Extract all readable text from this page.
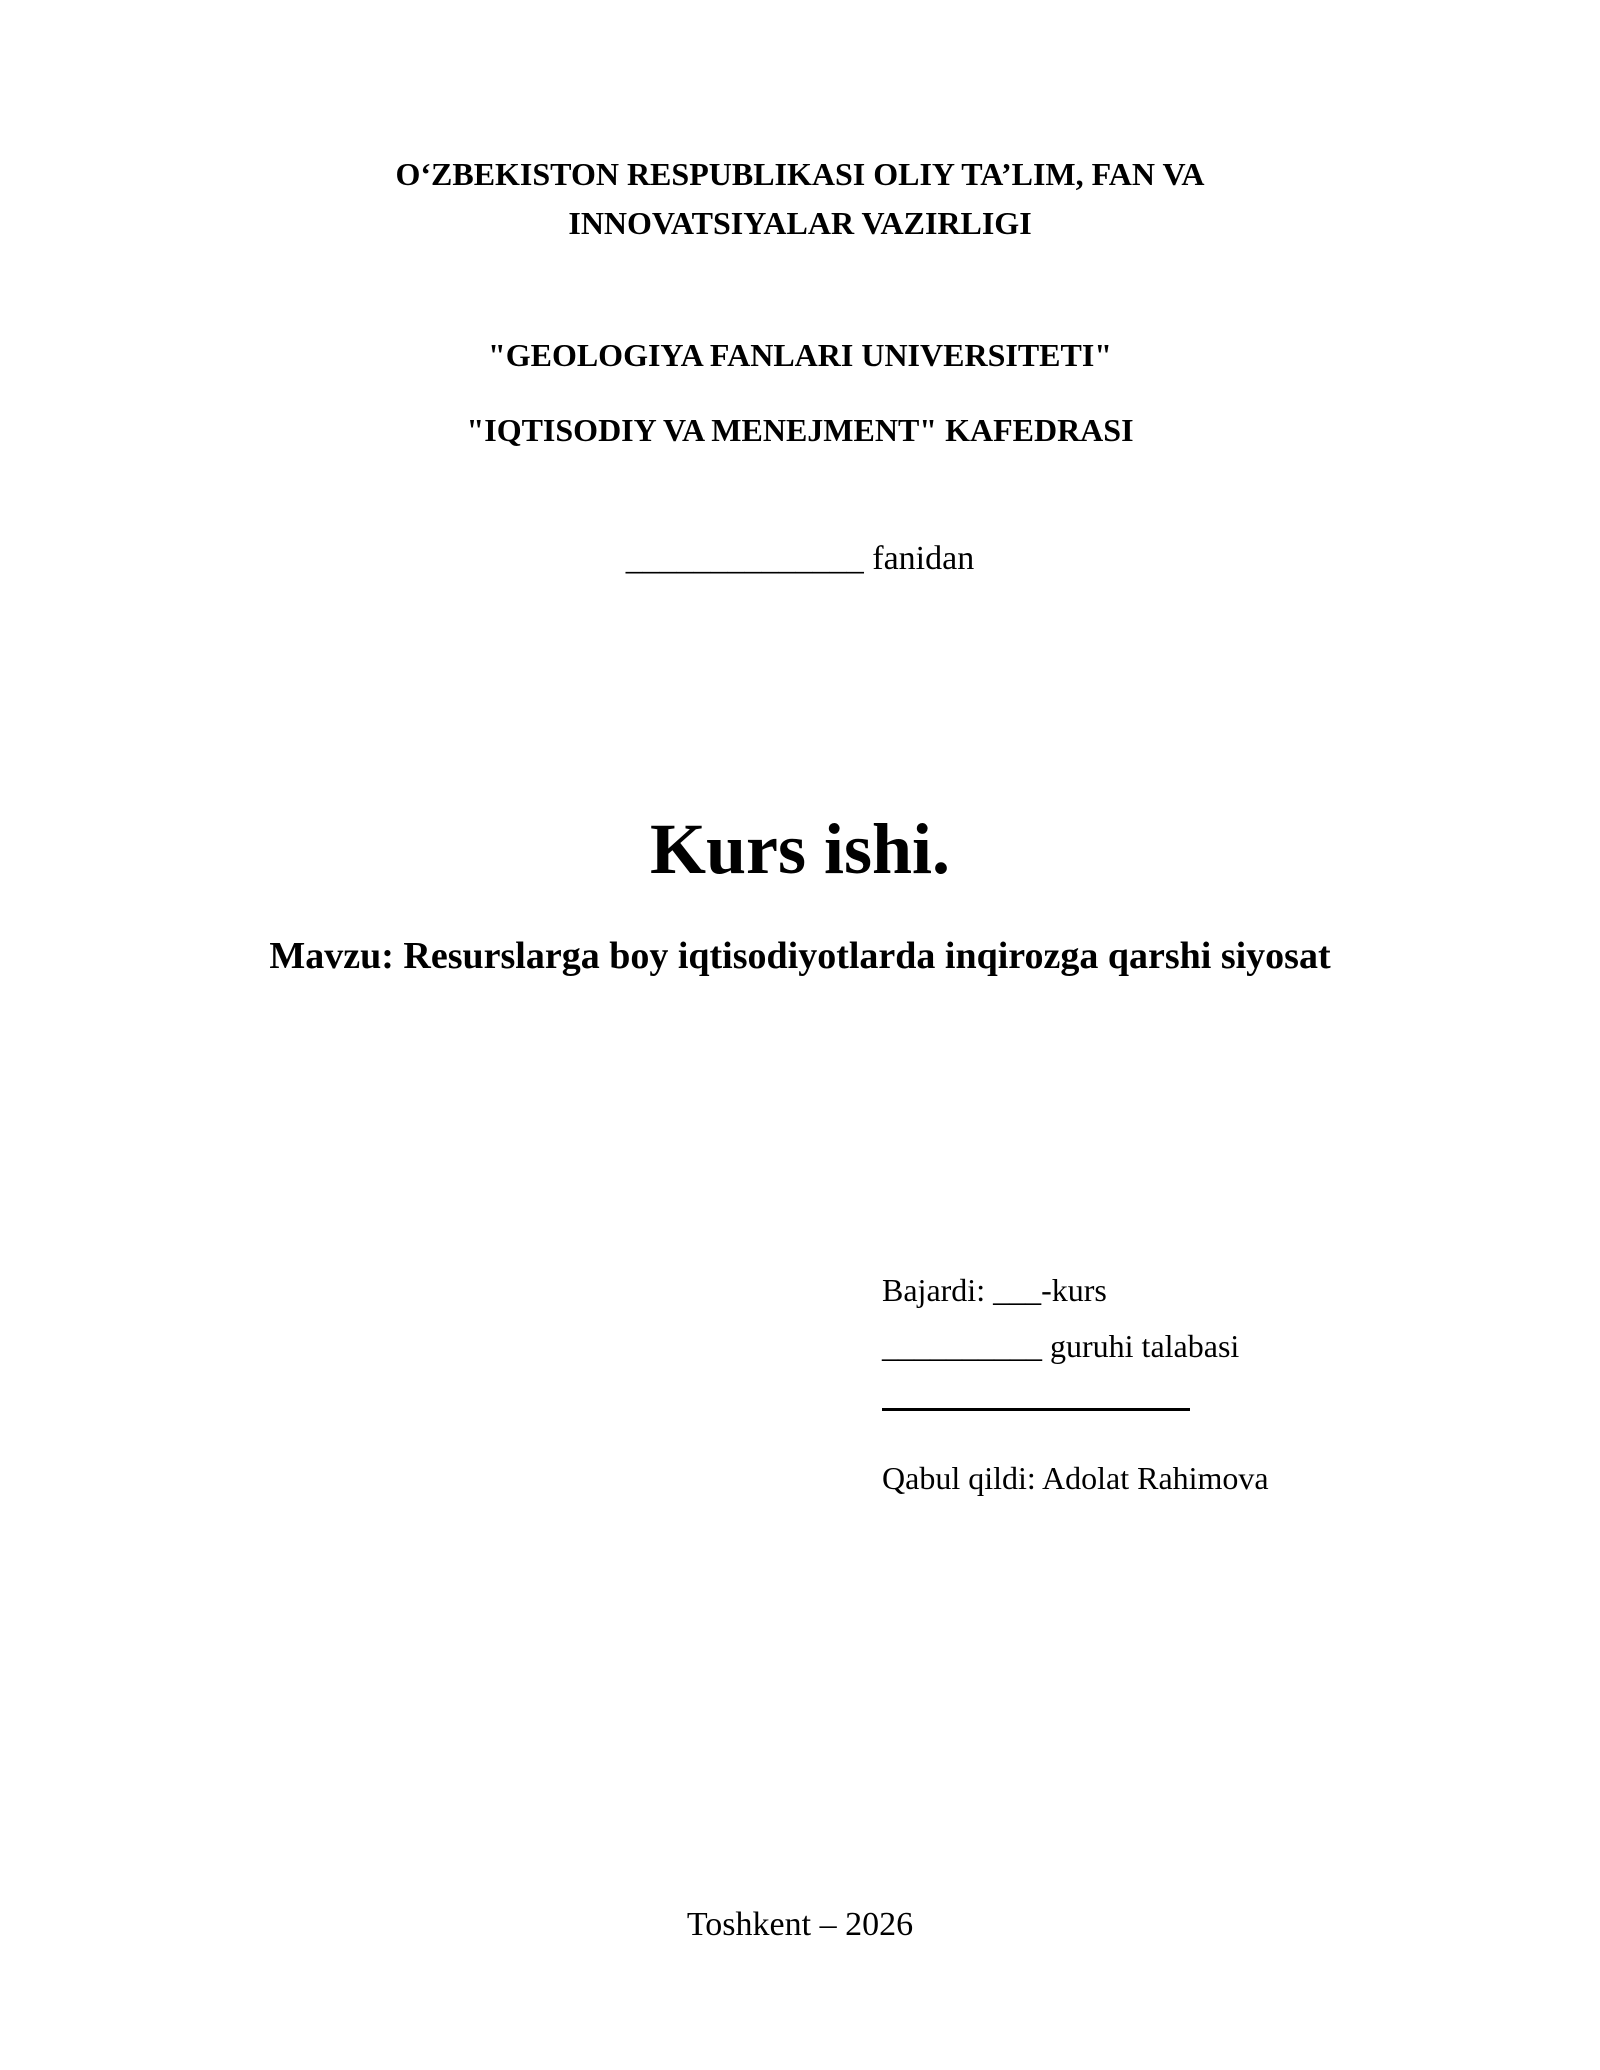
O‘ZBEKISTON RESPUBLIKASI OLIY TA’LIM, FAN VA
INNOVATSIYALAR VAZIRLIGI
"GEOLOGIYA FANLARI UNIVERSITETI"
"IQTISODIY VA MENEJMENT" KAFEDRASI
______________ fanidan
Kurs ishi.
Mavzu: Resurslarga boy iqtisodiyotlarda inqirozga qarshi siyosat
Bajardi: ___-kurs
__________ guruhi talabasi
Qabul qildi: Adolat Rahimova
Toshkent – 2026
